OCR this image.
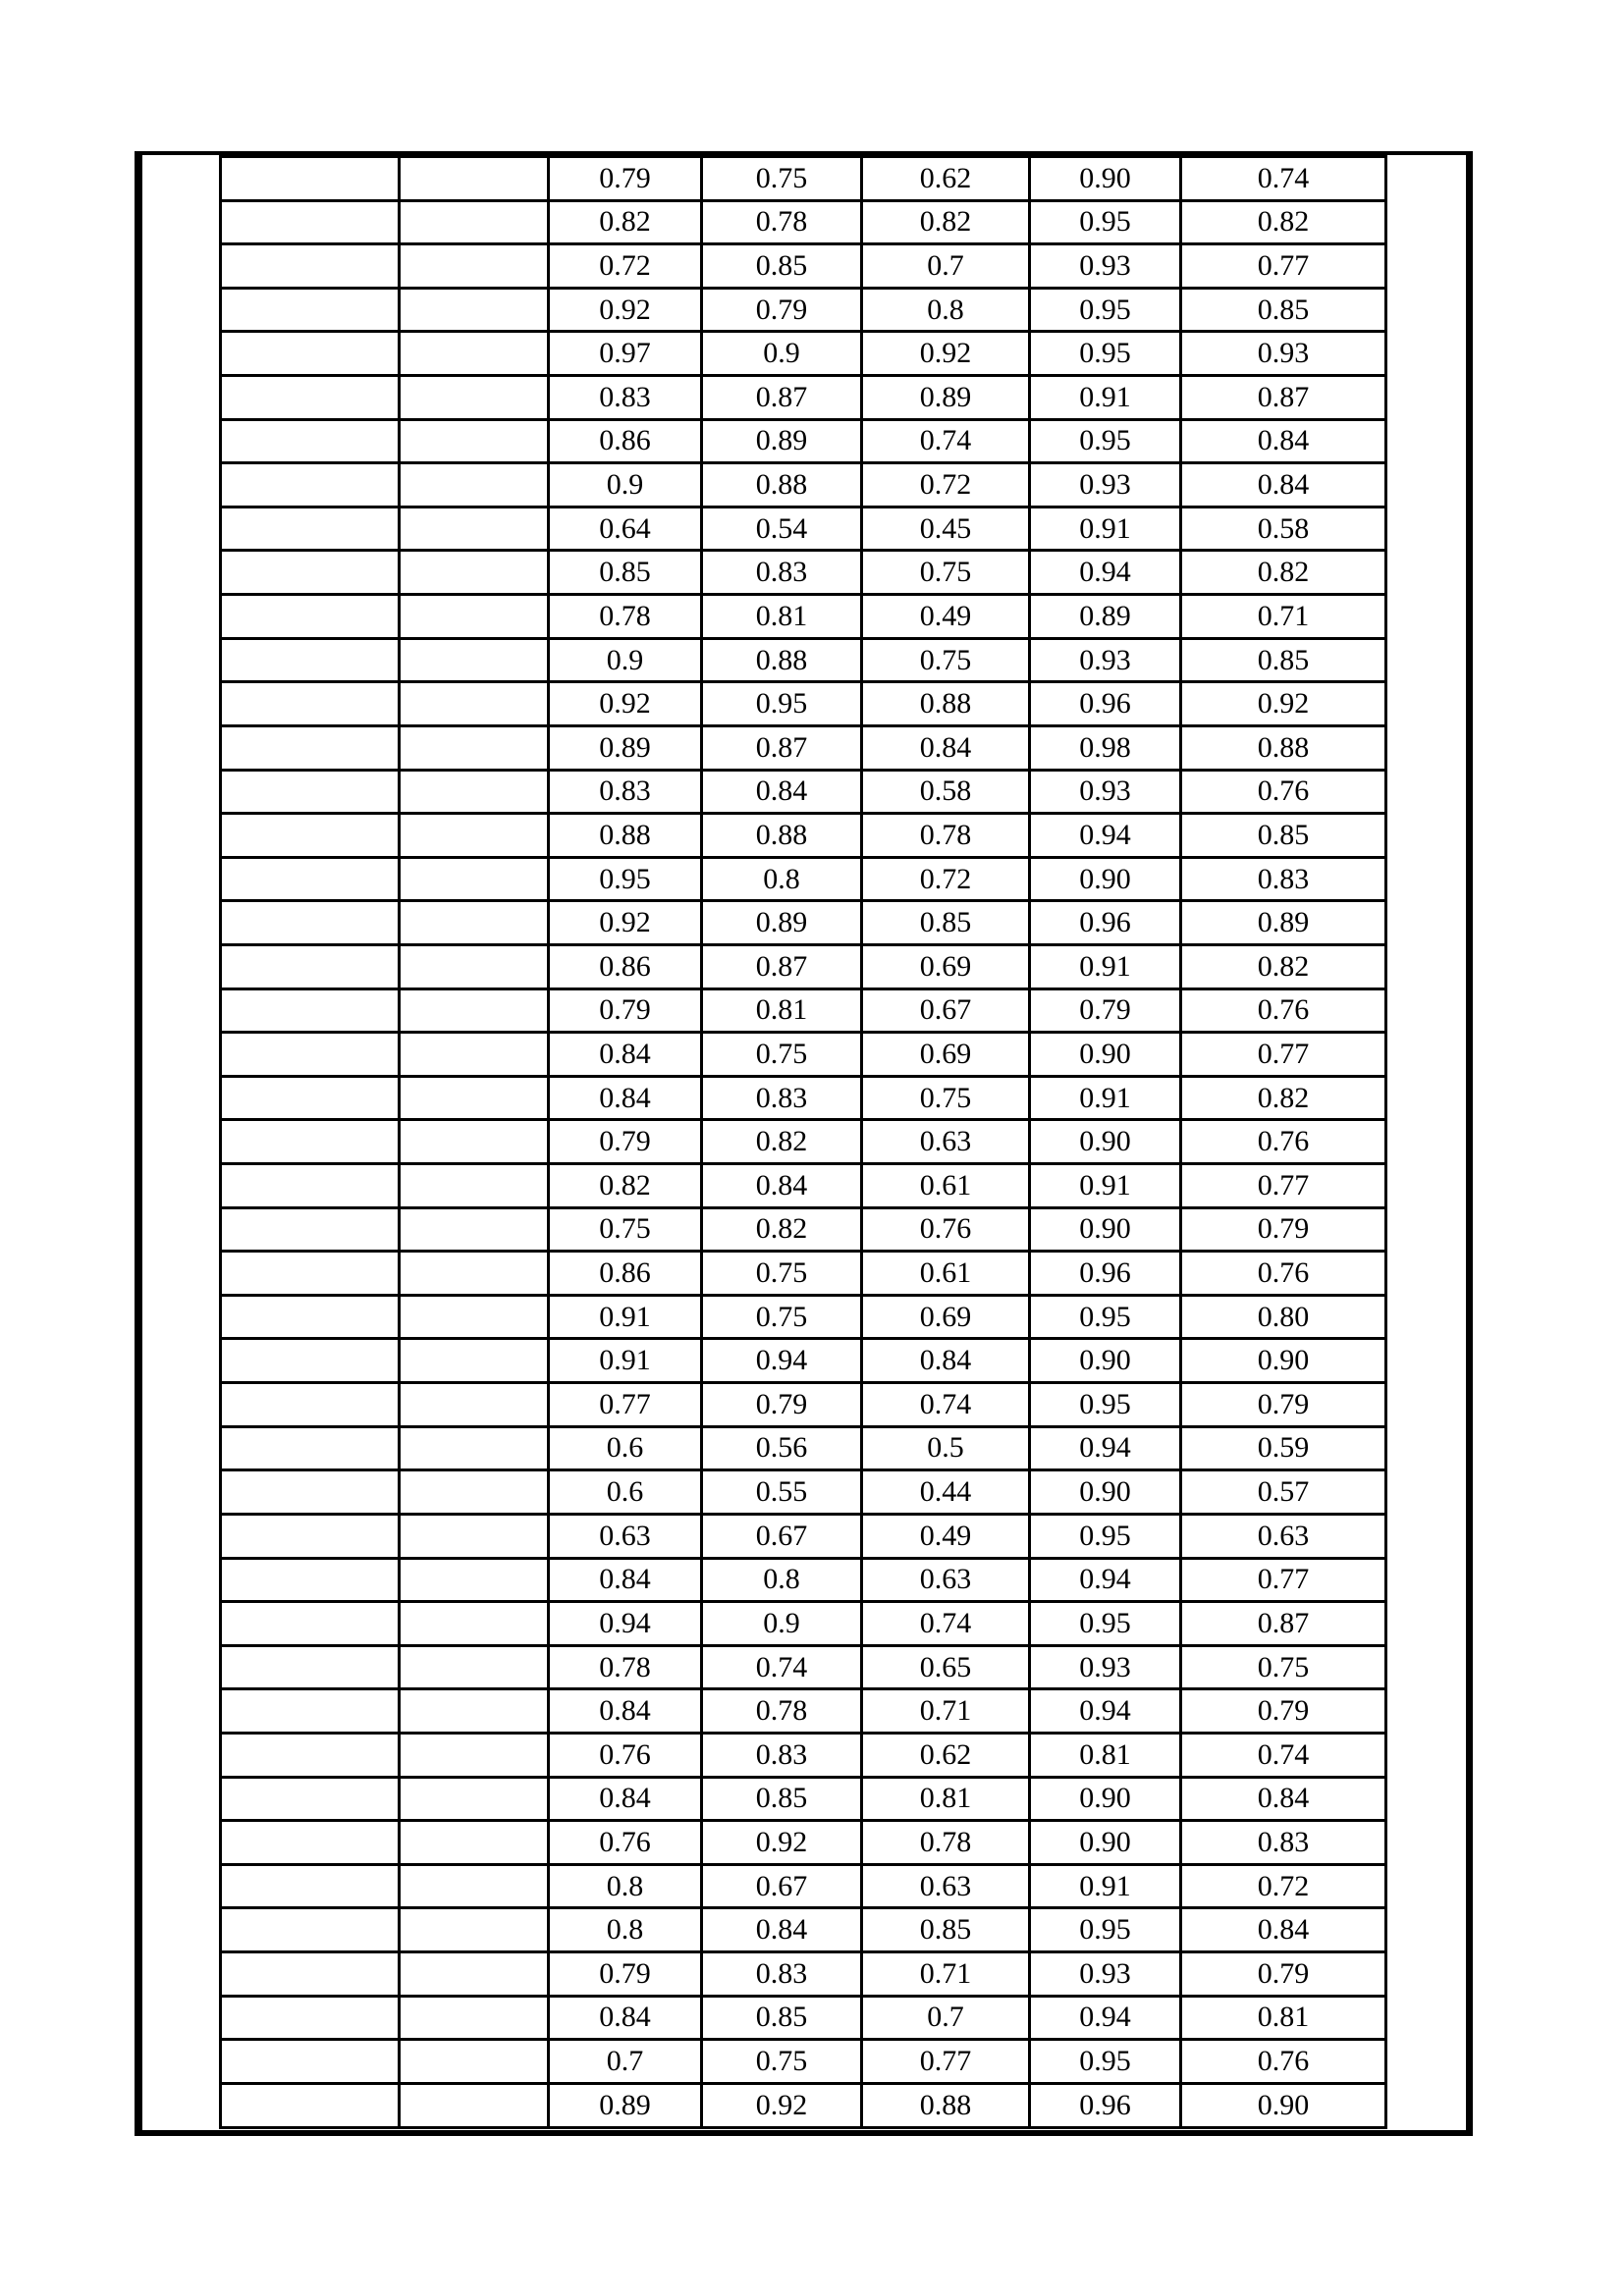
		0.79	0.75	0.62	0.90	0.74
		0.82	0.78	0.82	0.95	0.82
		0.72	0.85	0.7	0.93	0.77
		0.92	0.79	0.8	0.95	0.85
		0.97	0.9	0.92	0.95	0.93
		0.83	0.87	0.89	0.91	0.87
		0.86	0.89	0.74	0.95	0.84
		0.9	0.88	0.72	0.93	0.84
		0.64	0.54	0.45	0.91	0.58
		0.85	0.83	0.75	0.94	0.82
		0.78	0.81	0.49	0.89	0.71
		0.9	0.88	0.75	0.93	0.85
		0.92	0.95	0.88	0.96	0.92
		0.89	0.87	0.84	0.98	0.88
		0.83	0.84	0.58	0.93	0.76
		0.88	0.88	0.78	0.94	0.85
		0.95	0.8	0.72	0.90	0.83
		0.92	0.89	0.85	0.96	0.89
		0.86	0.87	0.69	0.91	0.82
		0.79	0.81	0.67	0.79	0.76
		0.84	0.75	0.69	0.90	0.77
		0.84	0.83	0.75	0.91	0.82
		0.79	0.82	0.63	0.90	0.76
		0.82	0.84	0.61	0.91	0.77
		0.75	0.82	0.76	0.90	0.79
		0.86	0.75	0.61	0.96	0.76
		0.91	0.75	0.69	0.95	0.80
		0.91	0.94	0.84	0.90	0.90
		0.77	0.79	0.74	0.95	0.79
		0.6	0.56	0.5	0.94	0.59
		0.6	0.55	0.44	0.90	0.57
		0.63	0.67	0.49	0.95	0.63
		0.84	0.8	0.63	0.94	0.77
		0.94	0.9	0.74	0.95	0.87
		0.78	0.74	0.65	0.93	0.75
		0.84	0.78	0.71	0.94	0.79
		0.76	0.83	0.62	0.81	0.74
		0.84	0.85	0.81	0.90	0.84
		0.76	0.92	0.78	0.90	0.83
		0.8	0.67	0.63	0.91	0.72
		0.8	0.84	0.85	0.95	0.84
		0.79	0.83	0.71	0.93	0.79
		0.84	0.85	0.7	0.94	0.81
		0.7	0.75	0.77	0.95	0.76
		0.89	0.92	0.88	0.96	0.90
